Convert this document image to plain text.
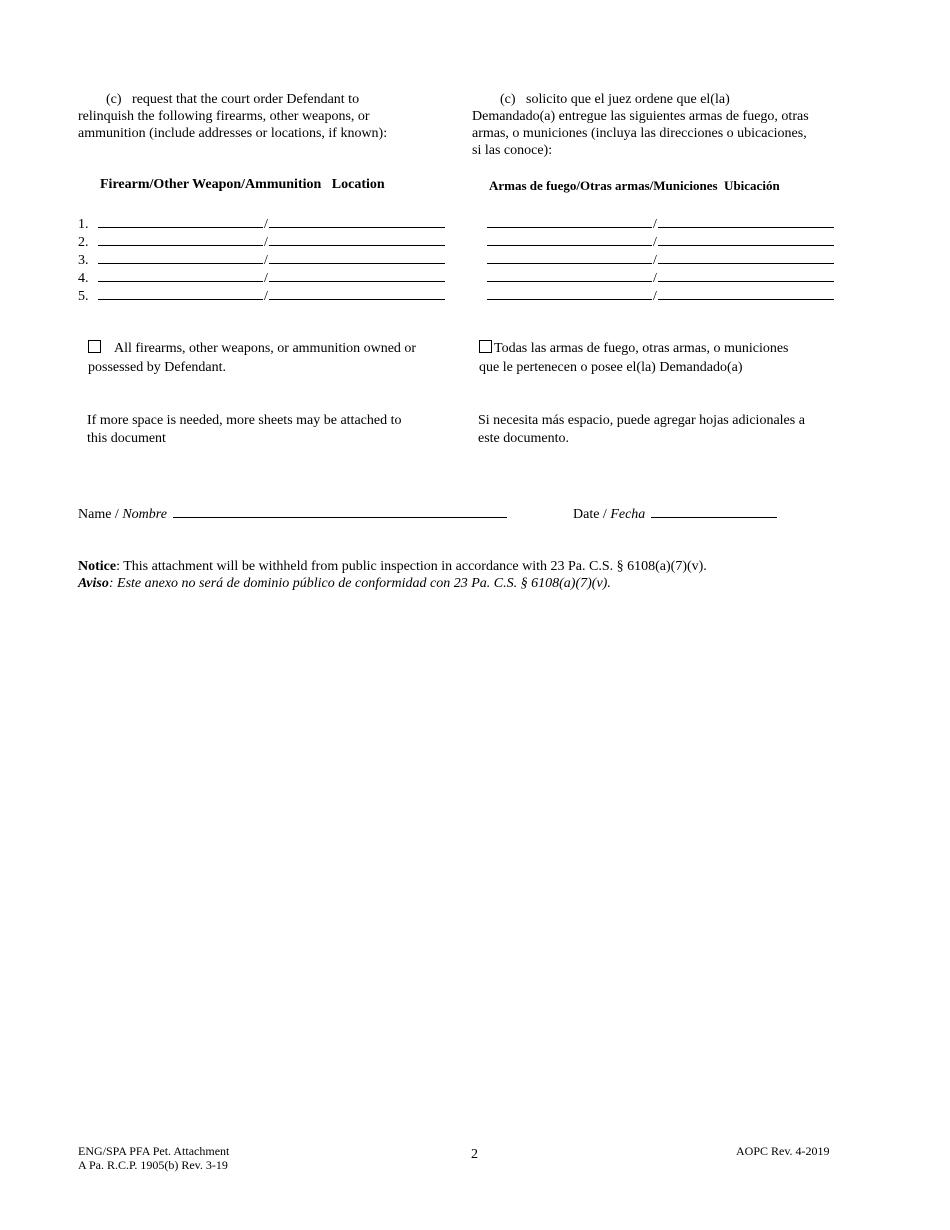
(c) request that the court order Defendant to
relinquish the following firearms, other weapons, or
ammunition (include addresses or locations, if known):
(c) solicito que el juez ordene que el(la)
Demandado(a) entregue las siguientes armas de fuego, otras
armas, o municiones (incluya las direcciones o ubicaciones,
si las conoce):
Firearm/Other Weapon/Ammunition   Location	Armas de fuego/Otras armas/Municiones  Ubicación
1.	/
2.	/
3.	/
4.	/
5.	/
/
/
/
/
/
All firearms, other weapons, or ammunition owned or
possessed by Defendant.
Todas las armas de fuego, otras armas, o municiones
que le pertenecen o posee el(la) Demandado(a)
If more space is needed, more sheets may be attached to
this document
Si necesita más espacio, puede agregar hojas adicionales a
este documento.
Name / Nombre	Date / Fecha
Notice: This attachment will be withheld from public inspection in accordance with 23 Pa. C.S. § 6108(a)(7)(v).
Aviso: Este anexo no será de dominio público de conformidad con 23 Pa. C.S. § 6108(a)(7)(v).
ENG/SPA PFA Pet. Attachment
A Pa. R.C.P. 1905(b) Rev. 3-19
2	AOPC Rev. 4-2019
